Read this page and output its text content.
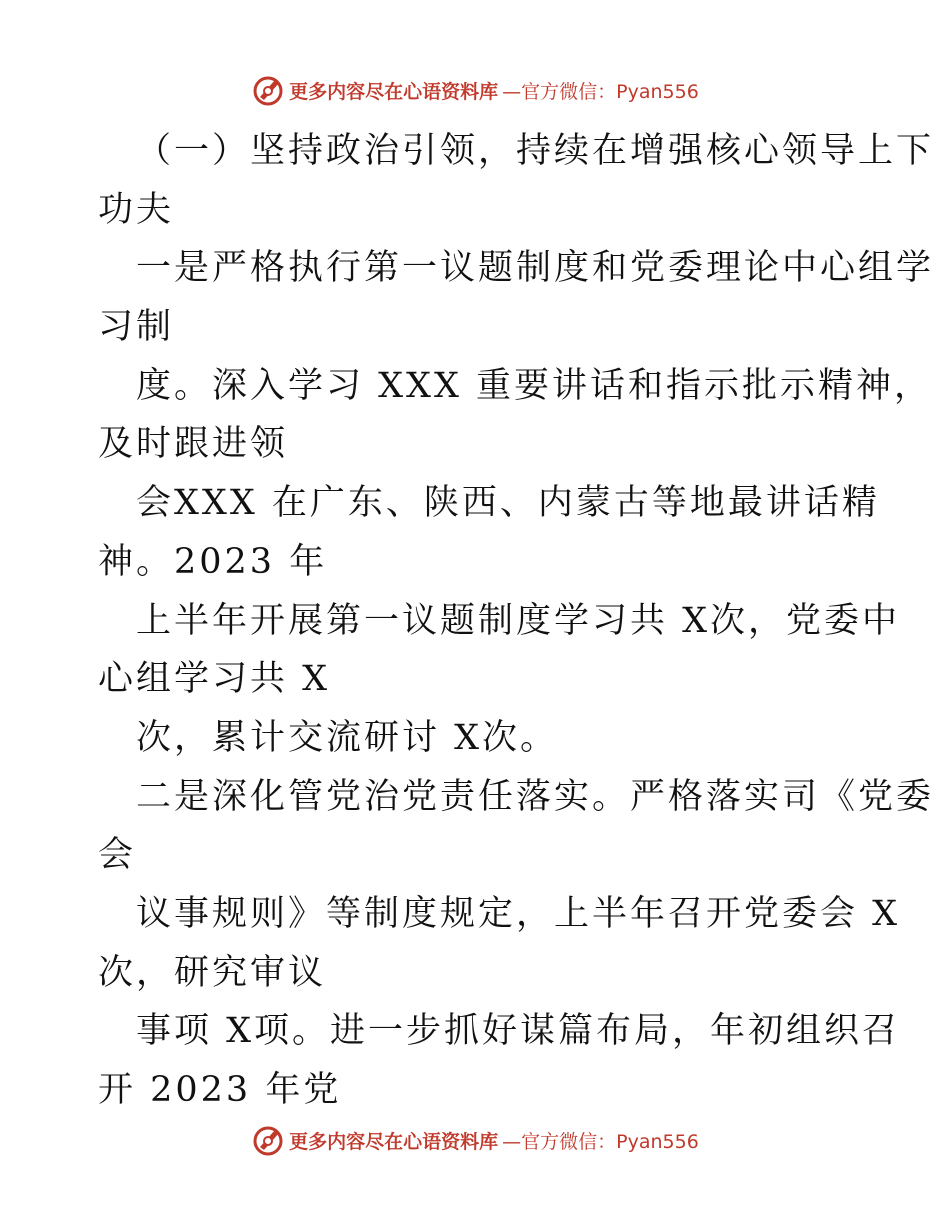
更多内容尽在心语资料库 —官方微信：Pyan556
（一）坚持政治引领，持续在增强核心领导上下
功夫
一是严格执行第一议题制度和党委理论中心组学
习制
度。深入学习 XXX 重要讲话和指示批示精神，
及时跟进领
会XXX 在广东、陕西、内蒙古等地最讲话精
神。2023 年
上半年开展第一议题制度学习共 X次，党委中
心组学习共 X
次，累计交流研讨 X次。
二是深化管党治党责任落实。严格落实司《党委
会
议事规则》等制度规定，上半年召开党委会 X
次，研究审议
事项 X项。进一步抓好谋篇布局，年初组织召
开 2023 年党
更多内容尽在心语资料库 —官方微信：Pyan556
